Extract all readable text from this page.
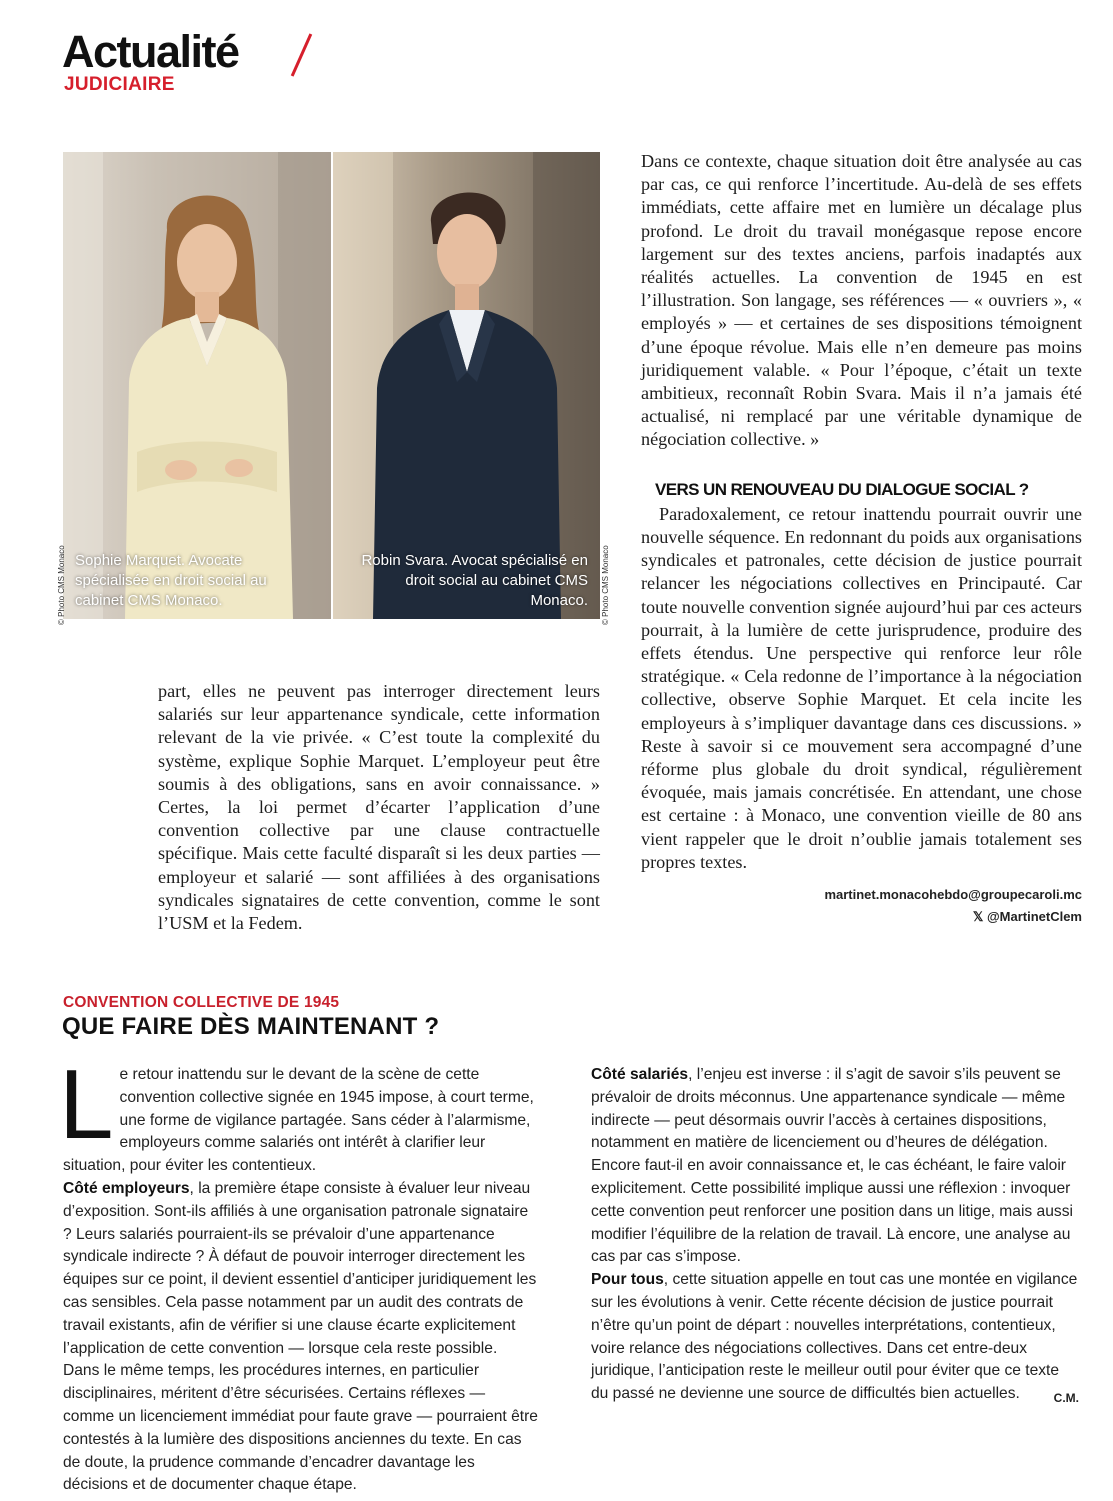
Actualité
JUDICIAIRE
Sophie Marquet. Avocate spécialisée en droit social au cabinet CMS Monaco.
© Photo CMS Monaco	Robin Svara. Avocat spécialisé en droit social au cabinet CMS Monaco. © Photo CMS Monaco

part, elles ne peuvent pas interroger directement leurs salariés sur leur appartenance syndicale, cette information relevant de la vie privée. « C’est toute la complexité du système, explique Sophie Marquet. L’employeur peut être soumis à des obligations, sans en avoir connaissance. » Certes, la loi permet d’écarter l’application d’une convention collective par une clause contractuelle spécifique. Mais cette faculté disparaît si les deux parties — employeur et salarié — sont affiliées à des organisations syndicales signataires de cette convention, comme le sont l’USM et la Fedem.

Dans ce contexte, chaque situation doit être analysée au cas par cas, ce qui renforce l’incertitude. Au-delà de ses effets immédiats, cette affaire met en lumière un décalage plus profond. Le droit du travail monégasque repose encore largement sur des textes anciens, parfois inadaptés aux réalités actuelles. La convention de 1945 en est l’illustration. Son langage, ses références — « ouvriers », « employés » — et certaines de ses dispositions témoignent d’une époque révolue. Mais elle n’en demeure pas moins juridiquement valable. « Pour l’époque, c’était un texte ambitieux, reconnaît Robin Svara. Mais il n’a jamais été actualisé, ni remplacé par une véritable dynamique de négociation collective. »

VERS UN RENOUVEAU DU DIALOGUE SOCIAL ?

Paradoxalement, ce retour inattendu pourrait ouvrir une nouvelle séquence. En redonnant du poids aux organisations syndicales et patronales, cette décision de justice pourrait relancer les négociations collectives en Principauté. Car toute nouvelle convention signée aujourd’hui par ces acteurs pourrait, à la lumière de cette jurisprudence, produire des effets étendus. Une perspective qui renforce leur rôle stratégique. « Cela redonne de l’importance à la négociation collective, observe Sophie Marquet. Et cela incite les employeurs à s’impliquer davantage dans ces discussions. » Reste à savoir si ce mouvement sera accompagné d’une réforme plus globale du droit syndical, régulièrement évoquée, mais jamais concrétisée. En attendant, une chose est certaine : à Monaco, une convention vieille de 80 ans vient rappeler que le droit n’oublie jamais totalement ses propres textes.

martinet.monacohebdo@groupecaroli.mc
𝕏 @MartinetClem
CONVENTION COLLECTIVE DE 1945
QUE FAIRE DÈS MAINTENANT ?

Le retour inattendu sur le devant de la scène de cette convention collective signée en 1945 impose, à court terme, une forme de vigilance partagée. Sans céder à l’alarmisme, employeurs comme salariés ont intérêt à clarifier leur situation, pour éviter les contentieux.

Côté employeurs, la première étape consiste à évaluer leur niveau d’exposition. Sont-ils affiliés à une organisation patronale signataire ? Leurs salariés pourraient-ils se prévaloir d’une appartenance syndicale indirecte ? À défaut de pouvoir interroger directement les équipes sur ce point, il devient essentiel d’anticiper juridiquement les cas sensibles. Cela passe notamment par un audit des contrats de travail existants, afin de vérifier si une clause écarte explicitement l’application de cette convention — lorsque cela reste possible.

Dans le même temps, les procédures internes, en particulier disciplinaires, méritent d’être sécurisées. Certains réflexes — comme un licenciement immédiat pour faute grave — pourraient être contestés à la lumière des dispositions anciennes du texte. En cas de doute, la prudence commande d’encadrer davantage les décisions et de documenter chaque étape.

Côté salariés, l’enjeu est inverse : il s’agit de savoir s’ils peuvent se prévaloir de droits méconnus. Une appartenance syndicale — même indirecte — peut désormais ouvrir l’accès à certaines dispositions, notamment en matière de licenciement ou d’heures de délégation. Encore faut-il en avoir connaissance et, le cas échéant, le faire valoir explicitement. Cette possibilité implique aussi une réflexion : invoquer cette convention peut renforcer une position dans un litige, mais aussi modifier l’équilibre de la relation de travail. Là encore, une analyse au cas par cas s’impose.

Pour tous, cette situation appelle en tout cas une montée en vigilance sur les évolutions à venir. Cette récente décision de justice pourrait n’être qu’un point de départ : nouvelles interprétations, contentieux, voire relance des négociations collectives. Dans cet entre-deux juridique, l’anticipation reste le meilleur outil pour éviter que ce texte du passé ne devienne une source de difficultés bien actuelles.	C.M.
